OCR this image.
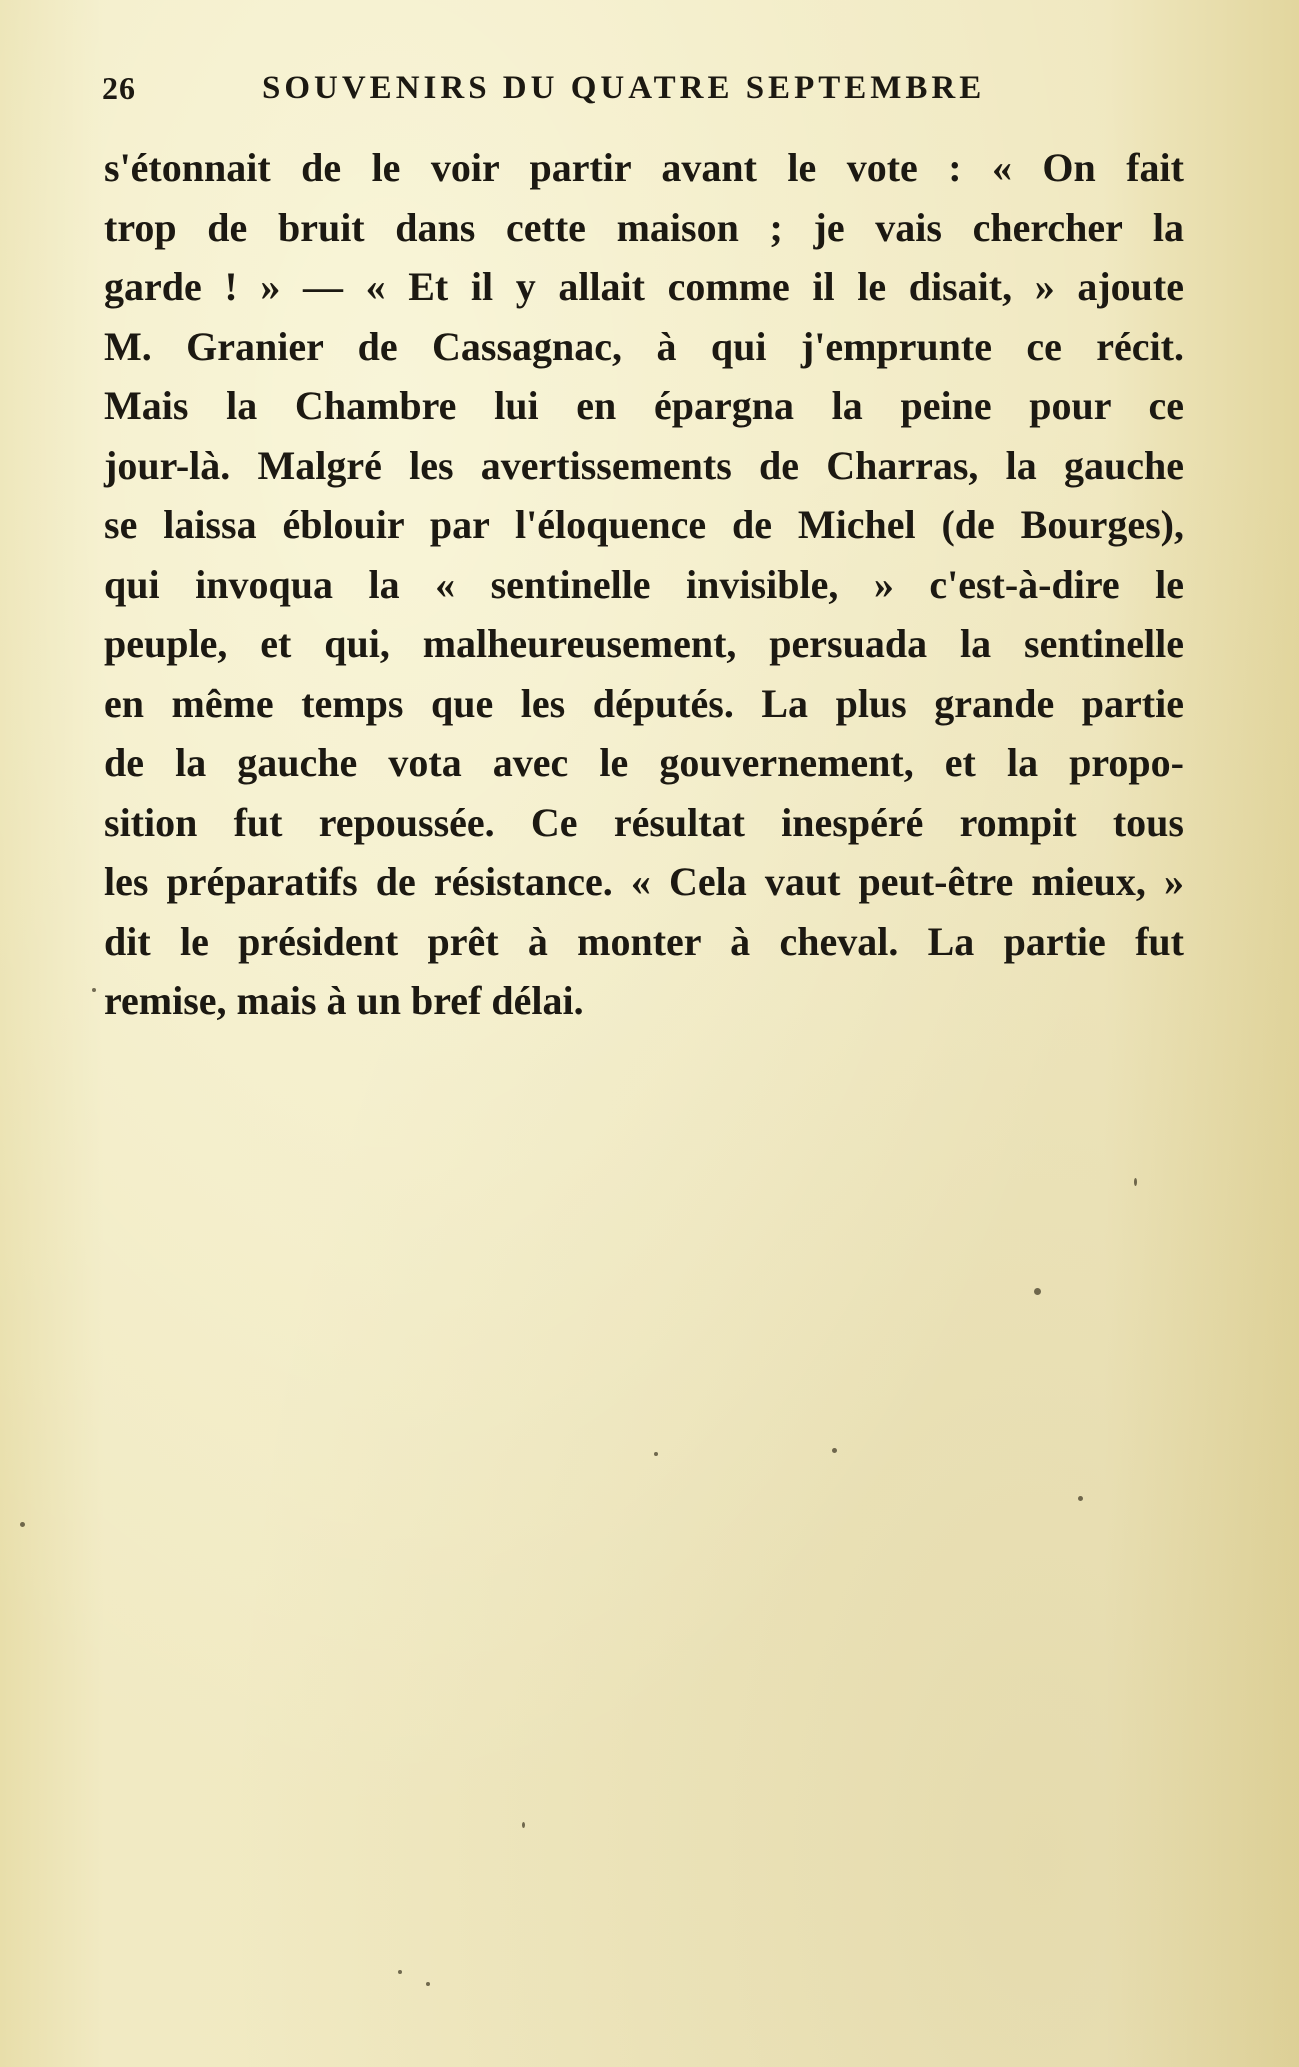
26	SOUVENIRS DU QUATRE SEPTEMBRE
s'étonnait de le voir partir avant le vote : « On fait
trop de bruit dans cette maison ; je vais chercher la
garde ! » — « Et il y allait comme il le disait, » ajoute
M. Granier de Cassagnac, à qui j'emprunte ce récit.
Mais la Chambre lui en épargna la peine pour ce
jour-là. Malgré les avertissements de Charras, la gauche
se laissa éblouir par l'éloquence de Michel (de Bourges),
qui invoqua la « sentinelle invisible, » c'est-à-dire le
peuple, et qui, malheureusement, persuada la sentinelle
en même temps que les députés. La plus grande partie
de la gauche vota avec le gouvernement, et la propo-
sition fut repoussée. Ce résultat inespéré rompit tous
les préparatifs de résistance. « Cela vaut peut-être mieux, »
dit le président prêt à monter à cheval. La partie fut
remise, mais à un bref délai.
